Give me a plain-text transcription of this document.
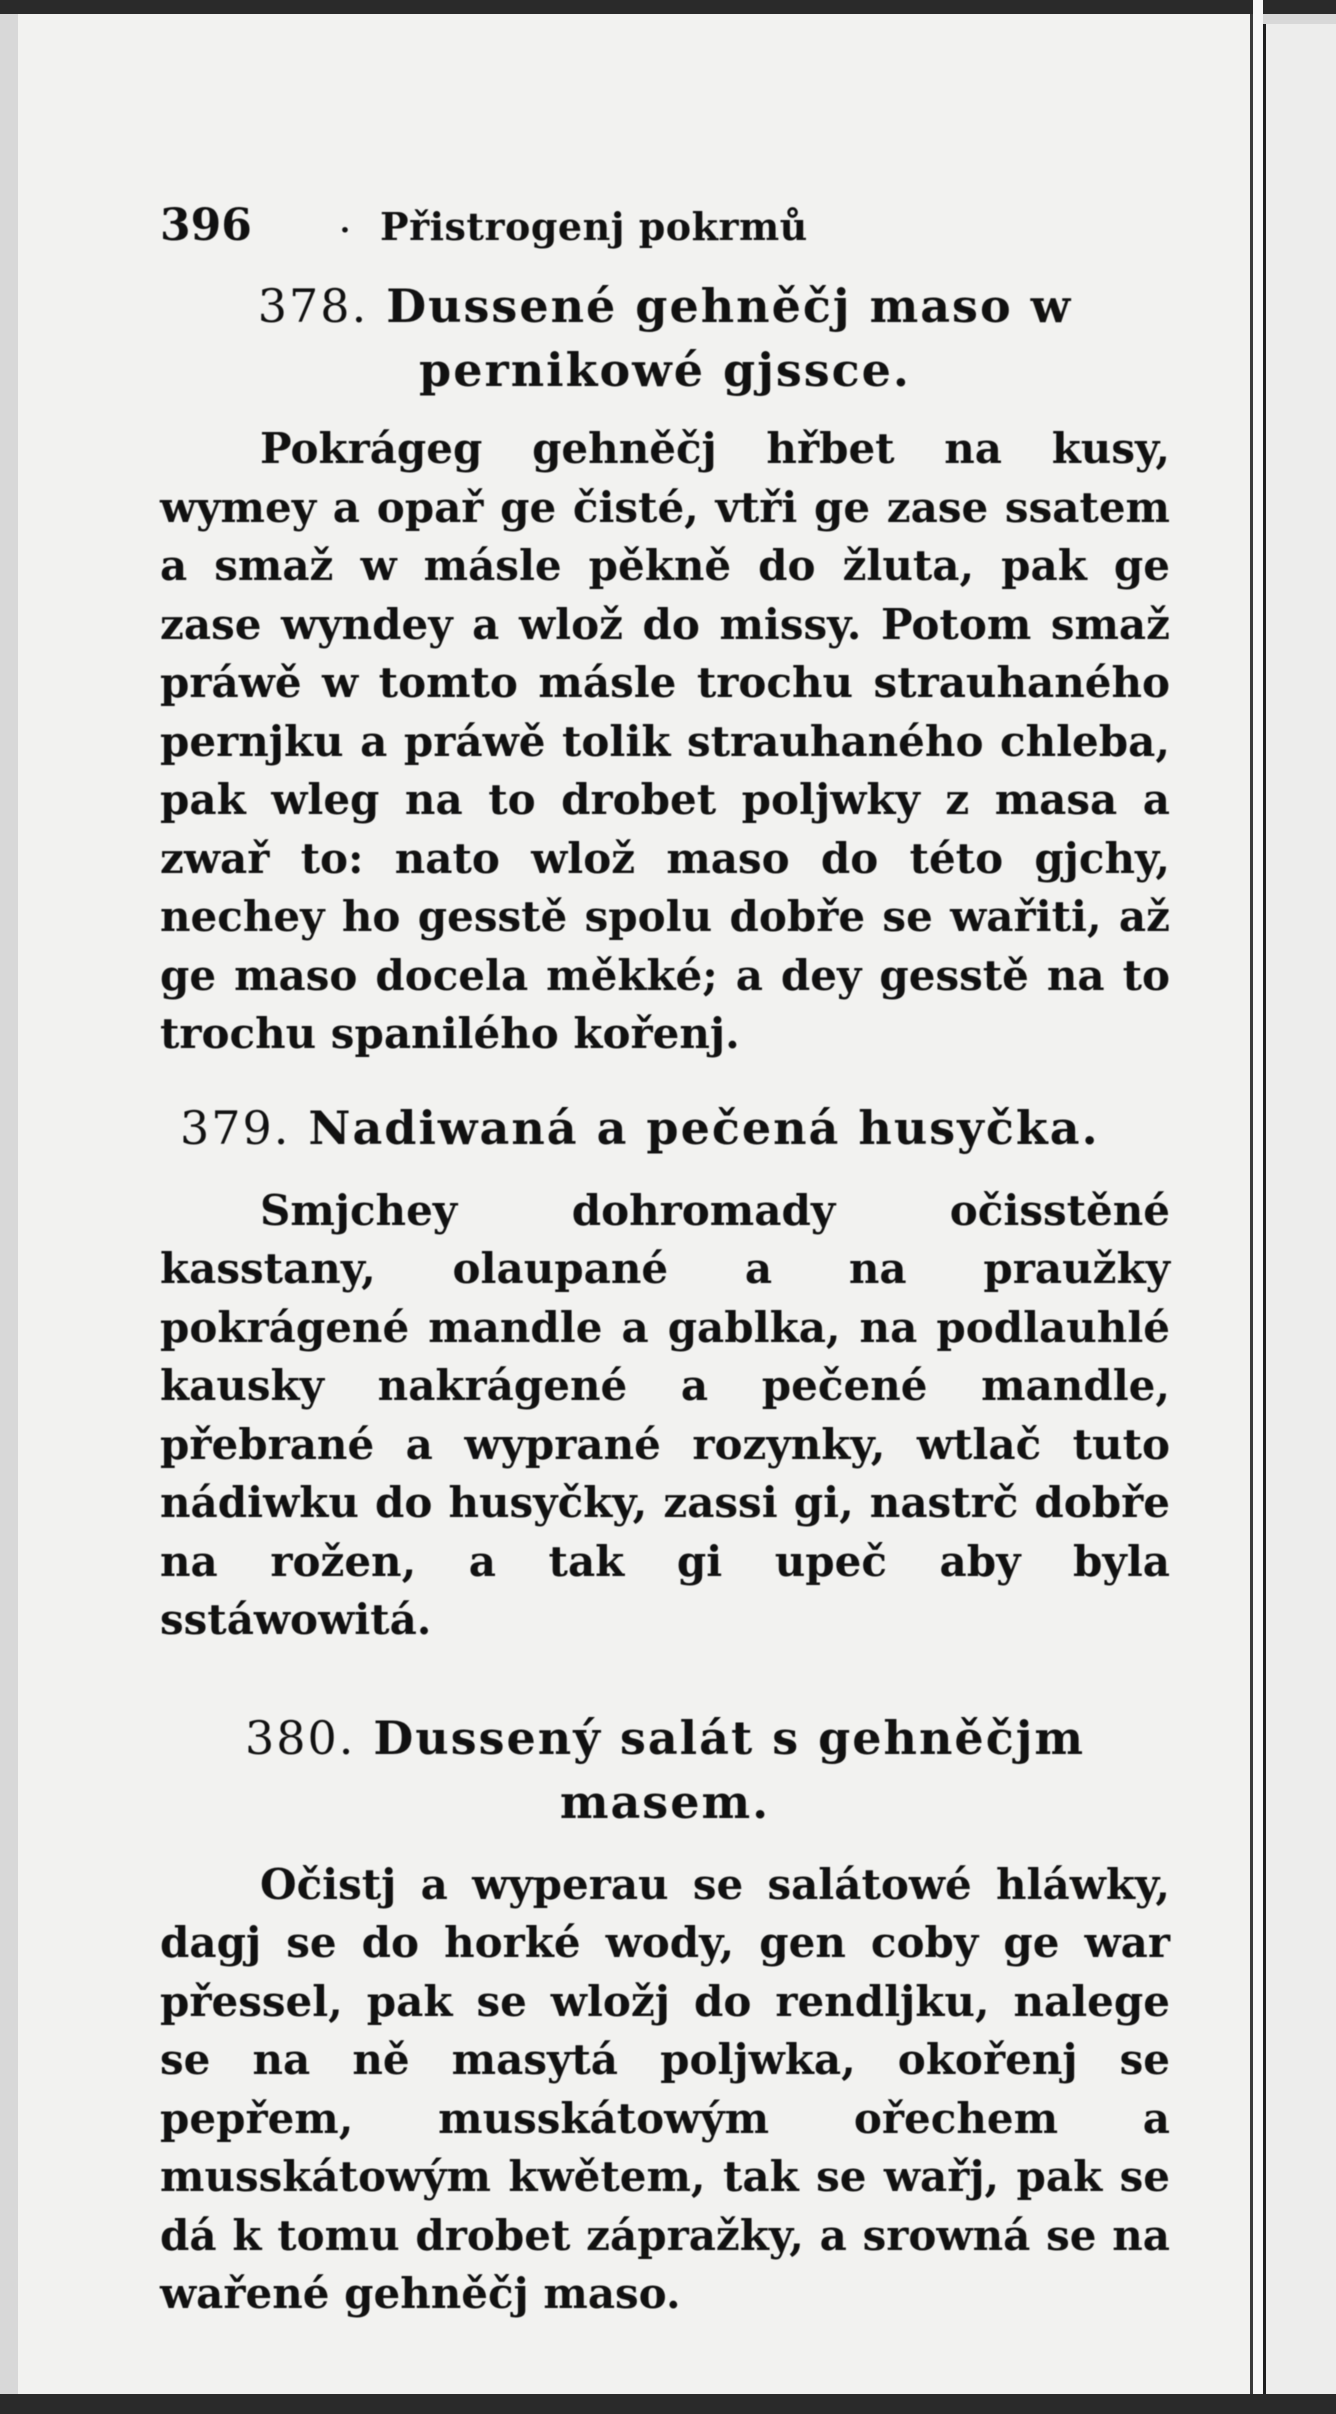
396	· Přistrogenj pokrmů
378. Dussené gehněčj maso w pernikowé gjssce.

Pokrágeg gehněčj hřbet na kusy, wymey a opař ge čisté, vtři ge zase ssatem a smaž w másle pěkně do žluta, pak ge zase wyndey a wlož do missy. Potom smaž práwě w tomto másle trochu strauhaného pernjku a práwě tolik strauhaného chleba, pak wleg na to drobet poljwky z masa a zwař to: nato wlož maso do této gjchy, nechey ho gesstě spolu dobře se wařiti, až ge maso docela měkké; a dey gesstě na to trochu spanilého kořenj.

379. Nadiwaná a pečená husyčka.

Smjchey dohromady očisstěné kasstany, olaupané a na praužky pokrágené mandle a gablka, na podlauhlé kausky nakrágené a pečené mandle, přebrané a wyprané rozynky, wtlač tuto nádiwku do husyčky, zassi gi, nastrč dobře na rožen, a tak gi upeč aby byla sstáwowitá.

380. Dussený salát s gehněčjm masem.

Očistj a wyperau se salátowé hláwky, dagj se do horké wody, gen coby ge war přessel, pak se wložj do rendljku, nalege se na ně masytá poljwka, okořenj se pepřem, musskátowým ořechem a musskátowým kwětem, tak se wařj, pak se dá k tomu drobet zápražky, a srowná se na wařené gehněčj maso.
